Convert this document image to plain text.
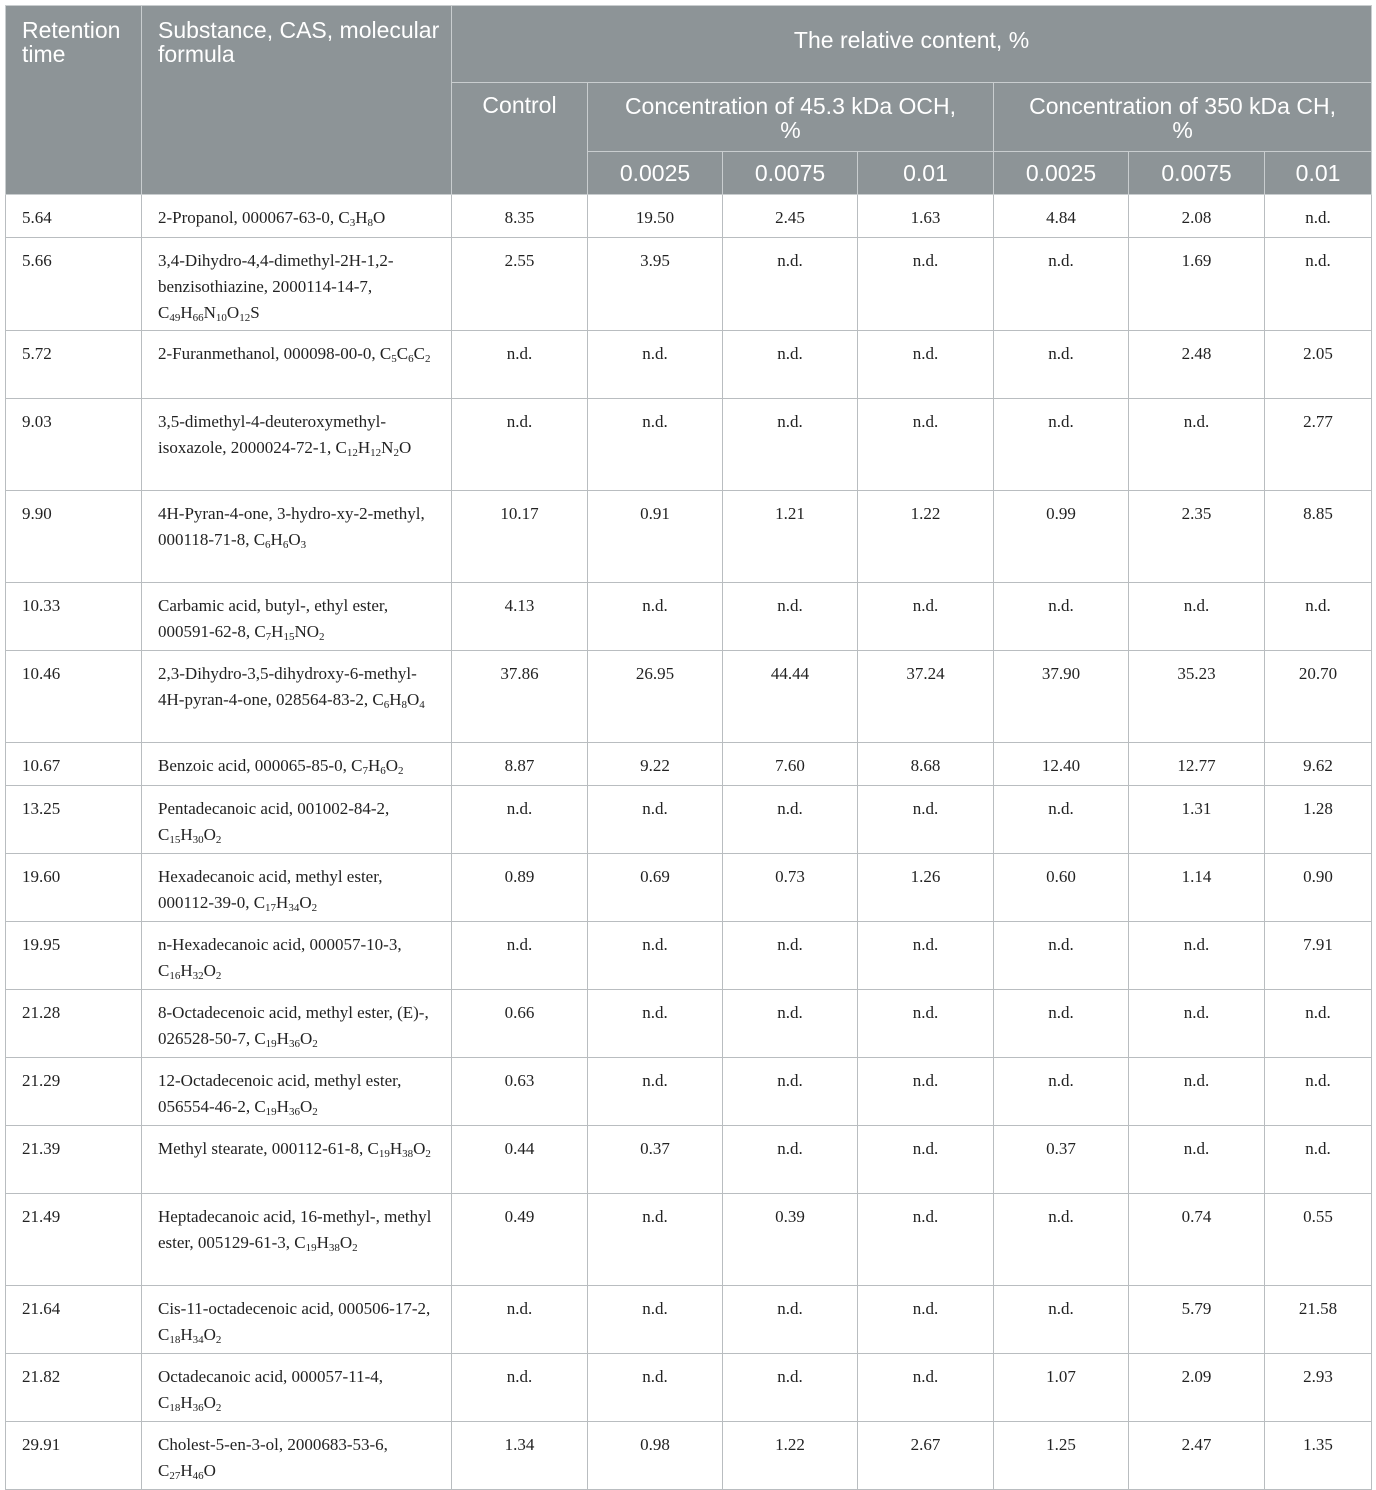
Retention time	Substance, CAS, molecular formula	The relative content, %						
		Control	Concentration of 45.3 kDa OCH, %			Concentration of 350 kDa CH, %		
			0.0025	0.0075	0.01	0.0025	0.0075	0.01
5.64	2-Propanol, 000067-63-0, $C_3H_8O$	8.35	19.50	2.45	1.63	4.84	2.08	n.d.
5.66	3,4-Dihydro-4,4-dimethyl-2H-1,2-benzisothiazine, 2000114-14-7, $C_{49}H_{66}N_{10}O_{12}S$	2.55	3.95	n.d.	n.d.	n.d.	1.69	n.d.
5.72	2-Furanmethanol, 000098-00-0, $C_5C_6C_2$	n.d.	n.d.	n.d.	n.d.	n.d.	2.48	2.05
9.03	3,5-dimethyl-4-deuteroxymethyl-isoxazole, 2000024-72-1, $C_{12}H_{12}N_2O$	n.d.	n.d.	n.d.	n.d.	n.d.	n.d.	2.77
9.90	4H-Pyran-4-one, 3-hydro-xy-2-methyl, 000118-71-8, $C_6H_6O_3$	10.17	0.91	1.21	1.22	0.99	2.35	8.85
10.33	Carbamic acid, butyl-, ethyl ester, 000591-62-8, $C_7H_{15}NO_2$	4.13	n.d.	n.d.	n.d.	n.d.	n.d.	n.d.
10.46	2,3-Dihydro-3,5-dihydroxy-6-methyl-4H-pyran-4-one, 028564-83-2, $C_6H_8O_4$	37.86	26.95	44.44	37.24	37.90	35.23	20.70
10.67	Benzoic acid, 000065-85-0, $C_7H_6O_2$	8.87	9.22	7.60	8.68	12.40	12.77	9.62
13.25	Pentadecanoic acid, 001002-84-2, $C_{15}H_{30}O_2$	n.d.	n.d.	n.d.	n.d.	n.d.	1.31	1.28
19.60	Hexadecanoic acid, methyl ester, 000112-39-0, $C_{17}H_{34}O_2$	0.89	0.69	0.73	1.26	0.60	1.14	0.90
19.95	n-Hexadecanoic acid, 000057-10-3, $C_{16}H_{32}O_2$	n.d.	n.d.	n.d.	n.d.	n.d.	n.d.	7.91
21.28	8-Octadecenoic acid, methyl ester, (E)-, 026528-50-7, $C_{19}H_{36}O_2$	0.66	n.d.	n.d.	n.d.	n.d.	n.d.	n.d.
21.29	12-Octadecenoic acid, methyl ester, 056554-46-2, $C_{19}H_{36}O_2$	0.63	n.d.	n.d.	n.d.	n.d.	n.d.	n.d.
21.39	Methyl stearate, 000112-61-8, $C_{19}H_{38}O_2$	0.44	0.37	n.d.	n.d.	0.37	n.d.	n.d.
21.49	Heptadecanoic acid, 16-methyl-, methyl ester, 005129-61-3, $C_{19}H_{38}O_2$	0.49	n.d.	0.39	n.d.	n.d.	0.74	0.55
21.64	Cis-11-octadecenoic acid, 000506-17-2, $C_{18}H_{34}O_2$	n.d.	n.d.	n.d.	n.d.	n.d.	5.79	21.58
21.82	Octadecanoic acid, 000057-11-4, $C_{18}H_{36}O_2$	n.d.	n.d.	n.d.	n.d.	1.07	2.09	2.93
29.91	Cholest-5-en-3-ol, 2000683-53-6, $C_{27}H_{46}O$	1.34	0.98	1.22	2.67	1.25	2.47	1.35
